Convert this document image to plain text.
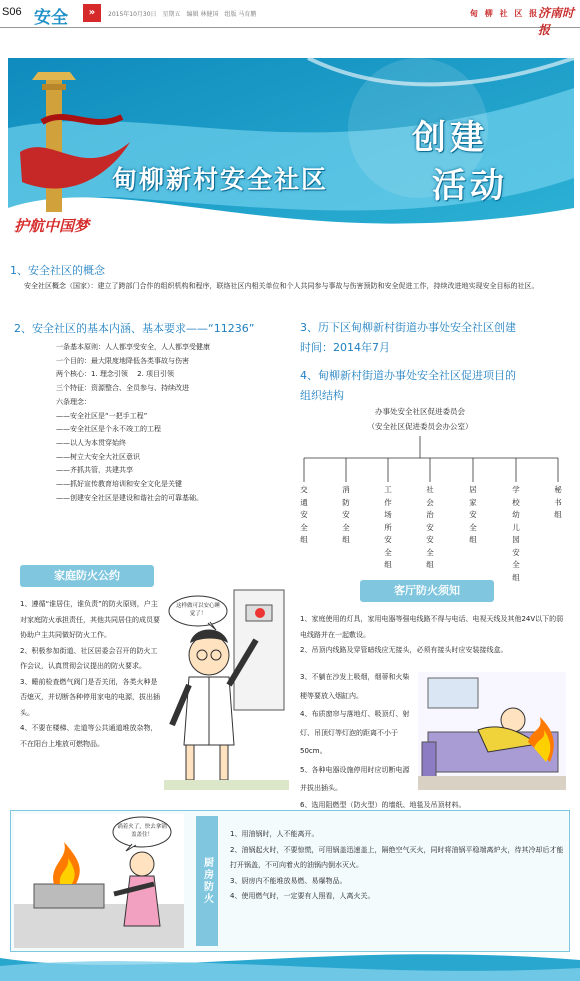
S06 安全	»	2015年10月30日　星期五　编辑 林健国　组版 马育鹏	甸 柳 社 区 报
济南时报
甸柳新村安全社区
创建
活动
护航中国梦
1、安全社区的概念
安全社区概念（国家）：建立了跨部门合作的组织机构和程序，联络社区内相关单位和个人共同参与事故与伤害预防和安全促进工作，持续改进地实现安全目标的社区。
2、安全社区的基本内涵、基本要求——“11236”
一条基本原则：人人都享受安全，人人都享受健康
一个目的：最大限度地降低各类事故与伤害
两个核心：1. 理念引领　 2. 项目引领
三个特征：资源整合、全员参与、持续改进
六条理念：
——安全社区是“一把手工程”
——安全社区是个永不竣工的工程
——以人为本贯穿始终
——树立大安全大社区意识
——齐抓共管，共建共享
——抓好宣传教育培训和安全文化是关键
——创建安全社区是建设和谐社会的可靠基础。
3、历下区甸柳新村街道办事处安全社区创建
时间：2014年7月
4、甸柳新村街道办事处安全社区促进项目的
组织结构
办事处安全社区促进委员会
（安全社区促进委员会办公室）
交通安全组
消防安全组
工作场所安全组
社会治安安全组
居家安全组
学校幼儿园安全组
秘书组
家庭防火公约
1、遵循“谁居住，谁负责”的防火原则，户主对家庭防火承担责任，其他共同居住的成员要协助户主共同做好防火工作。
2、积极参加街道、社区居委会召开的防火工作会议，认真贯彻会议提出的防火要求。
3、睡前检查燃气阀门是否关闭，各类火种是否熄灭，并切断各种停用家电的电源，拔出插头。
4、不要在楼梯、走道等公共通道堆放杂物，不在阳台上堆放可燃物品。
这样做可以安心睡觉了！
客厅防火须知
1、家庭使用的灯具，家用电器等强电线路不得与电话、电视天线及其他24V以下的弱电线路并在一起敷设。
2、吊顶内线路及穿管暗线应无接头，必须有接头时应安装接线盒。
3、不躺在沙发上吸烟，烟蒂和火柴梗等要放入烟缸内。
4、布质窗帘与落地灯、吸顶灯、射灯、吊顶灯等灯泡的距离不小于50cm。
5、各种电器设施停用时应切断电源并拔出插头。
6、选用阻燃型（防火型）的墙纸、地毯及吊顶材料。
锅着火了，快去拿锅盖盖住！
厨房防火
1、用油锅时，人不能离开。
2、油锅起火时，不要惊慌，可用锅盖迅速盖上，隔绝空气灭火，同时将油锅平稳端离炉火，待其冷却后才能打开锅盖，不可向着火的油锅内倒水灭火。
3、厨房内不能堆放易燃、易爆物品。
4、使用燃气时，一定要有人照看，人离火关。
